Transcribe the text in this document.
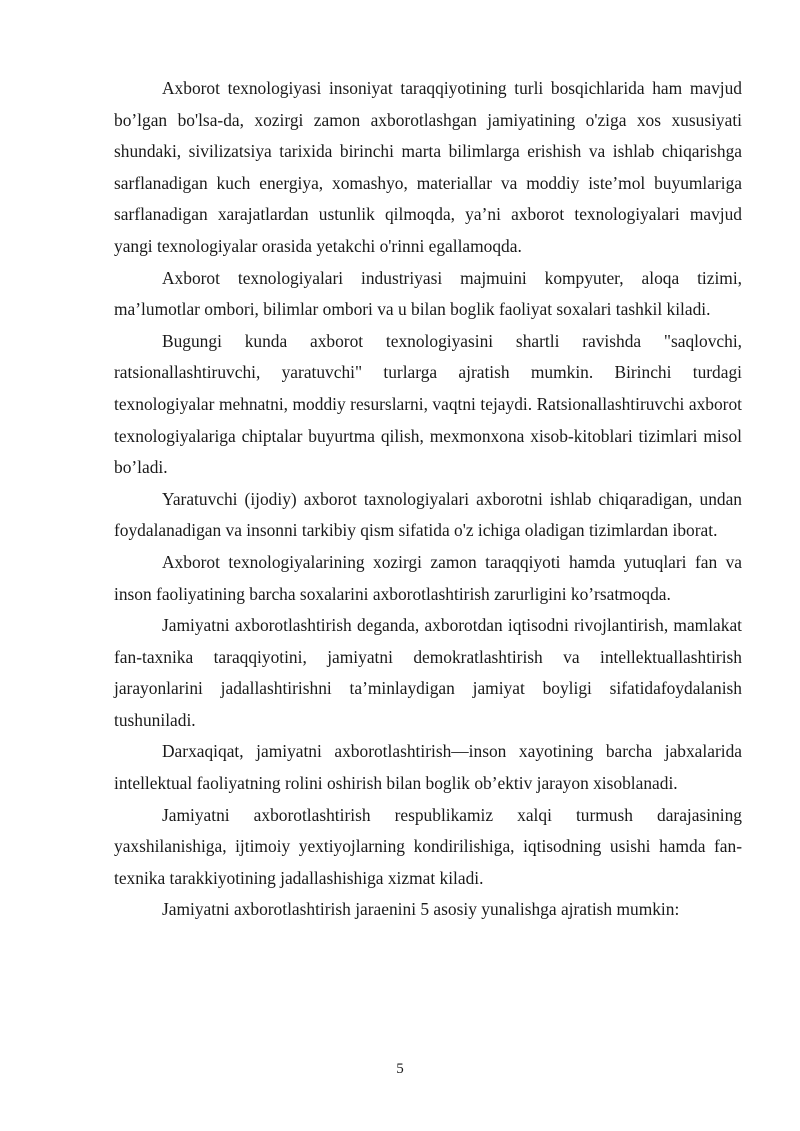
Axborot texnologiyasi insoniyat taraqqiyotining turli bosqichlarida ham mavjud bo’lgan bo'lsa-da, xozirgi zamon axborotlashgan jamiyatining o'ziga xos xususiyati shundaki, sivilizatsiya tarixida birinchi marta bilimlarga erishish va ishlab chiqarishga sarflanadigan kuch energiya, xomashyo, materiallar va moddiy iste’mol buyumlariga sarflanadigan xarajatlardan ustunlik qilmoqda, ya’ni axborot texnologiyalari mavjud yangi texnologiyalar orasida yetakchi o'rinni egallamoqda.

Axborot texnologiyalari industriyasi majmuini kompyuter, aloqa tizimi, ma’lumotlar ombori, bilimlar ombori va u bilan boglik faoliyat soxalari tashkil kiladi.

Bugungi kunda axborot texnologiyasini shartli ravishda "saqlovchi, ratsionallashtiruvchi, yaratuvchi" turlarga ajratish mumkin. Birinchi turdagi texnologiyalar mehnatni, moddiy resurslarni, vaqtni tejaydi. Ratsionallashtiruvchi axborot texnologiyalariga chiptalar buyurtma qilish, mexmonxona xisob-kitoblari tizimlari misol bo’ladi.

Yaratuvchi (ijodiy) axborot taxnologiyalari axborotni ishlab chiqaradigan, undan foydalanadigan va insonni tarkibiy qism sifatida o'z ichiga oladigan tizimlardan iborat.

Axborot texnologiyalarining xozirgi zamon taraqqiyoti hamda yutuqlari fan va inson faoliyatining barcha soxalarini axborotlashtirish zarurligini ko’rsatmoqda.

Jamiyatni axborotlashtirish deganda, axborotdan iqtisodni rivojlantirish, mamlakat fan-taxnika taraqqiyotini, jamiyatni demokratlashtirish va intellektuallashtirish jarayonlarini jadallashtirishni ta’minlaydigan jamiyat boyligi sifatidafoydalanish tushuniladi.

Darxaqiqat, jamiyatni axborotlashtirish—inson xayotining barcha jabxalarida intellektual faoliyatning rolini oshirish bilan boglik ob’ektiv jarayon xisoblanadi.

Jamiyatni axborotlashtirish respublikamiz xalqi turmush darajasining yaxshilanishiga, ijtimoiy yextiyojlarning kondirilishiga, iqtisodning usishi hamda fan-texnika tarakkiyotining jadallashishiga xizmat kiladi.

Jamiyatni axborotlashtirish jaraenini 5 asosiy yunalishga ajratish mumkin:

5
